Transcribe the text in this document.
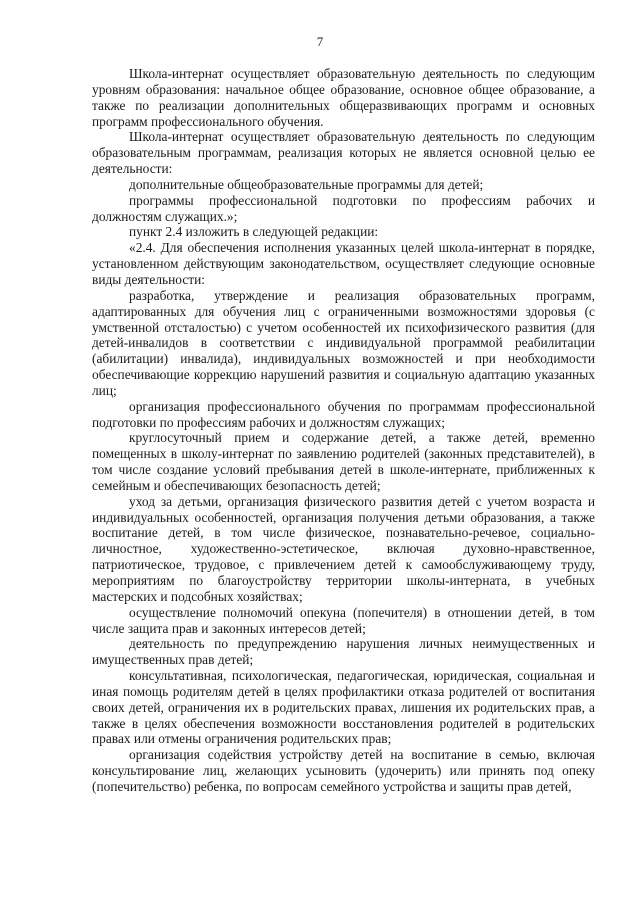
7

Школа-интернат осуществляет образовательную деятельность по следующим уровням образования: начальное общее образование, основное общее образование, а также по реализации дополнительных общеразвивающих программ и основных программ профессионального обучения.

Школа-интернат осуществляет образовательную деятельность по следующим образовательным программам, реализация которых не является основной целью ее деятельности:

дополнительные общеобразовательные программы для детей;

программы профессиональной подготовки по профессиям рабочих и должностям служащих.»;

пункт 2.4 изложить в следующей редакции:

«2.4. Для обеспечения исполнения указанных целей школа-интернат в порядке, установленном действующим законодательством, осуществляет следующие основные виды деятельности:

разработка, утверждение и реализация образовательных программ, адаптированных для обучения лиц с ограниченными возможностями здоровья (с умственной отсталостью) с учетом особенностей их психофизического развития (для детей-инвалидов в соответствии с индивидуальной программой реабилитации (абилитации) инвалида), индивидуальных возможностей и при необходимости обеспечивающие коррекцию нарушений развития и социальную адаптацию указанных лиц;

организация профессионального обучения по программам профессиональной подготовки по профессиям рабочих и должностям служащих;

круглосуточный прием и содержание детей, а также детей, временно помещенных в школу-интернат по заявлению родителей (законных представителей), в том числе создание условий пребывания детей в школе-интернате, приближенных к семейным и обеспечивающих безопасность детей;

уход за детьми, организация физического развития детей с учетом возраста и индивидуальных особенностей, организация получения детьми образования, а также воспитание детей, в том числе физическое, познавательно-речевое, социально-личностное, художественно-эстетическое, включая духовно-нравственное, патриотическое, трудовое, с привлечением детей к самообслуживающему труду, мероприятиям по благоустройству территории школы-интерната, в учебных мастерских и подсобных хозяйствах;

осуществление полномочий опекуна (попечителя) в отношении детей, в том числе защита прав и законных интересов детей;

деятельность по предупреждению нарушения личных неимущественных и имущественных прав детей;

консультативная, психологическая, педагогическая, юридическая, социальная и иная помощь родителям детей в целях профилактики отказа родителей от воспитания своих детей, ограничения их в родительских правах, лишения их родительских прав, а также в целях обеспечения возможности восстановления родителей в родительских правах или отмены ограничения родительских прав;

организация содействия устройству детей на воспитание в семью, включая консультирование лиц, желающих усыновить (удочерить) или принять под опеку (попечительство) ребенка, по вопросам семейного устройства и защиты прав детей,
